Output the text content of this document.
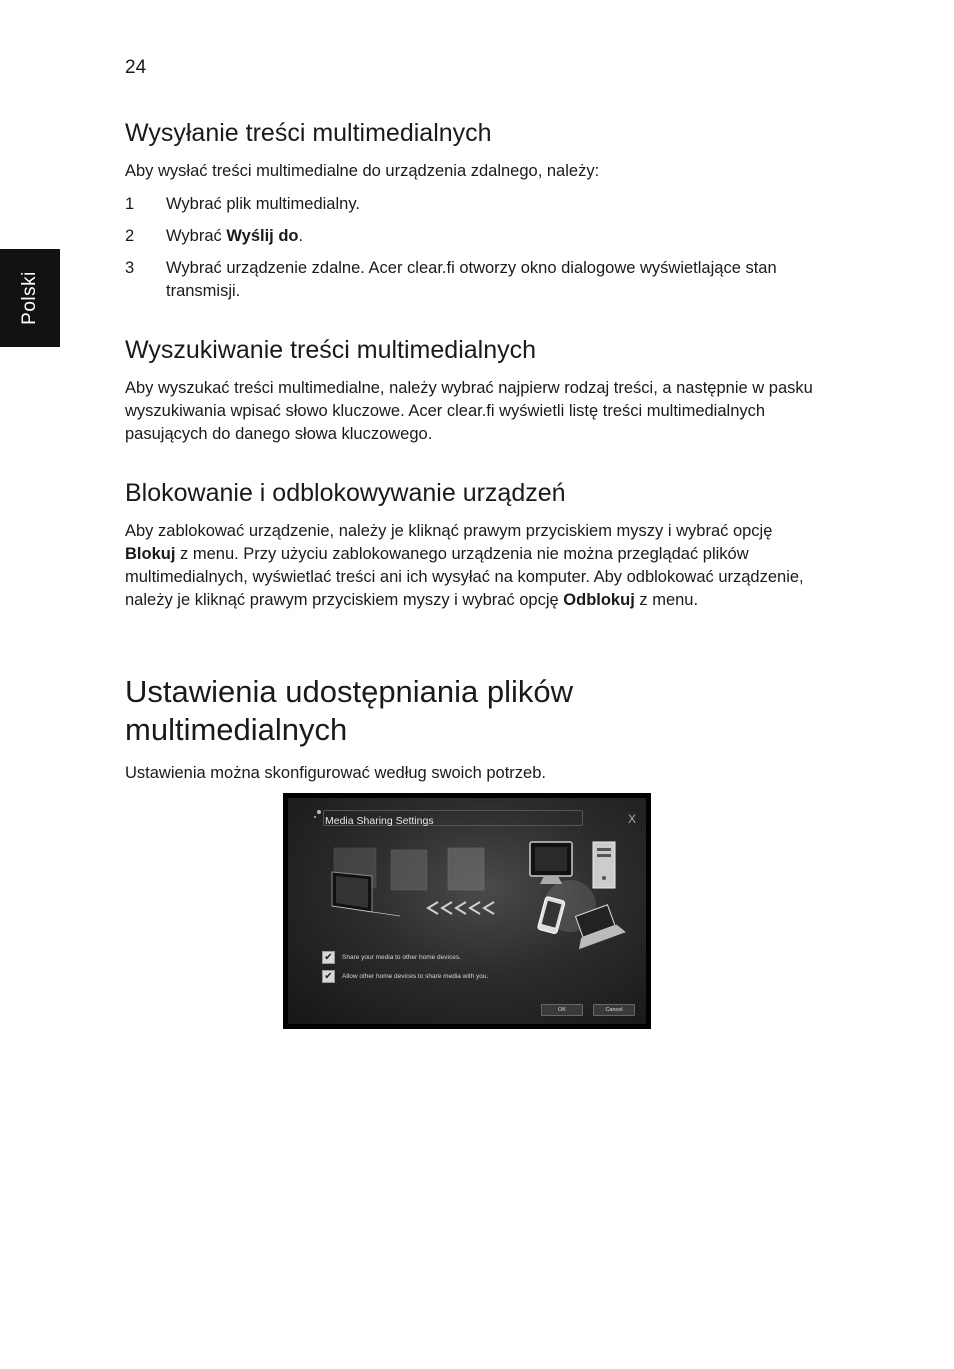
24
Polski
Wysyłanie treści multimedialnych

Aby wysłać treści multimedialne do urządzenia zdalnego, należy:

1 Wybrać plik multimedialny.
2 Wybrać Wyślij do.
3 Wybrać urządzenie zdalne. Acer clear.fi otworzy okno dialogowe wyświetlające stan transmisji.
Wyszukiwanie treści multimedialnych

Aby wyszukać treści multimedialne, należy wybrać najpierw rodzaj treści, a następnie w pasku wyszukiwania wpisać słowo kluczowe. Acer clear.fi wyświetli listę treści multimedialnych pasujących do danego słowa kluczowego.

Blokowanie i odblokowywanie urządzeń

Aby zablokować urządzenie, należy je kliknąć prawym przyciskiem myszy i wybrać opcję Blokuj z menu. Przy użyciu zablokowanego urządzenia nie można przeglądać plików multimedialnych, wyświetlać treści ani ich wysyłać na komputer. Aby odblokować urządzenie, należy je kliknąć prawym przyciskiem myszy i wybrać opcję Odblokuj z menu.

Ustawienia udostępniania plików multimedialnych

Ustawienia można skonfigurować według swoich potrzeb.

Media Sharing Settings	X
✔	Share your media to other home devices.
✔	Allow other home devices to share media with you.
OK	Cancel
